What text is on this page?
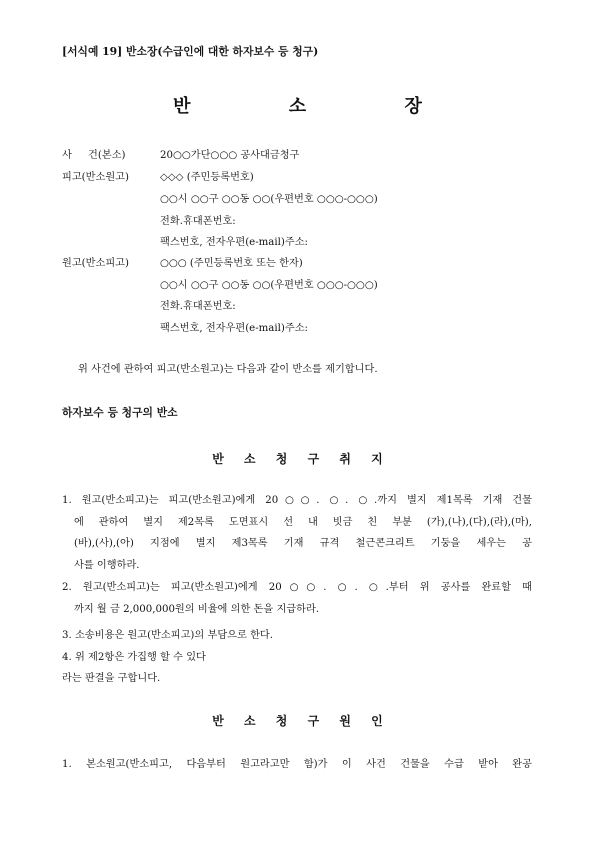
[서식예 19] 반소장(수급인에 대한 하자보수 등 청구)
반 소 장
사     건(본소)	20○○가단○○○ 공사대금청구
피고(반소원고)	◇◇◇ (주민등록번호)
○○시 ○○구 ○○동 ○○(우편번호 ○○○-○○○)
전화․휴대폰번호:
팩스번호, 전자우편(e-mail)주소:
원고(반소피고)	○○○ (주민등록번호 또는 한자)
○○시 ○○구 ○○동 ○○(우편번호 ○○○-○○○)
전화․휴대폰번호:
팩스번호, 전자우편(e-mail)주소:
위 사건에 관하여 피고(반소원고)는 다음과 같이 반소를 제기합니다.
하자보수 등 청구의 반소
반 소 청 구 취 지
1. 원고(반소피고)는 피고(반소원고)에게 20○○. ○. ○.까지 별지 제1목록 기재 건물
에 관하여 별지 제2목록 도면표시 선 내 빗금 친 부분 (가),(나),(다),(라),(마),
(바),(사),(아) 지점에 별지 제3목록 기재 규격 철근콘크리트 기둥을 세우는 공
사를 이행하라.
2. 원고(반소피고)는 피고(반소원고)에게 20○○. ○. ○.부터 위 공사를 완료할 때
까지 월 금 2,000,000원의 비율에 의한 돈을 지급하라.
3. 소송비용은 원고(반소피고)의 부담으로 한다.
4. 위 제2항은 가집행 할 수 있다
라는 판결을 구합니다.
반 소 청 구 원 인
1. 본소원고(반소피고, 다음부터 원고라고만 함)가 이 사건 건물을 수급 받아 완공
